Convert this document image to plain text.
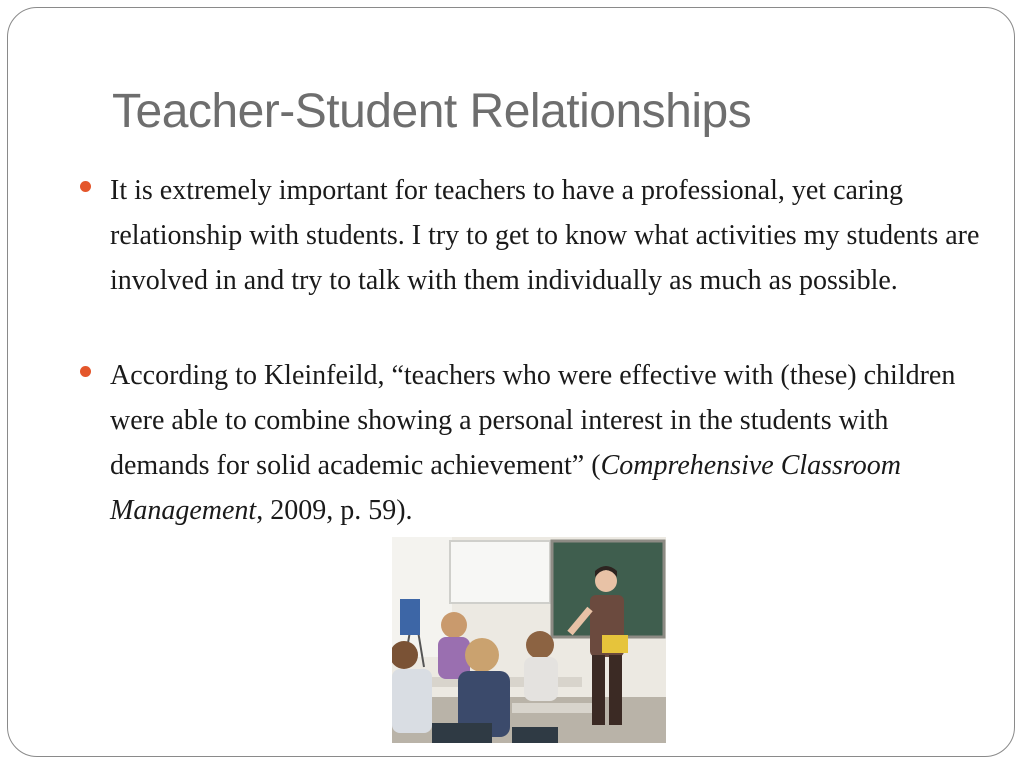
Teacher-Student Relationships
It is extremely important for teachers to have a professional, yet caring relationship with students. I try to get to know what activities my students are involved in and try to talk with them individually as much as possible.
According to Kleinfeild, “teachers who were effective with (these) children were able to combine showing a personal interest in the students with demands for solid academic achievement” (Comprehensive Classroom Management, 2009, p. 59).
